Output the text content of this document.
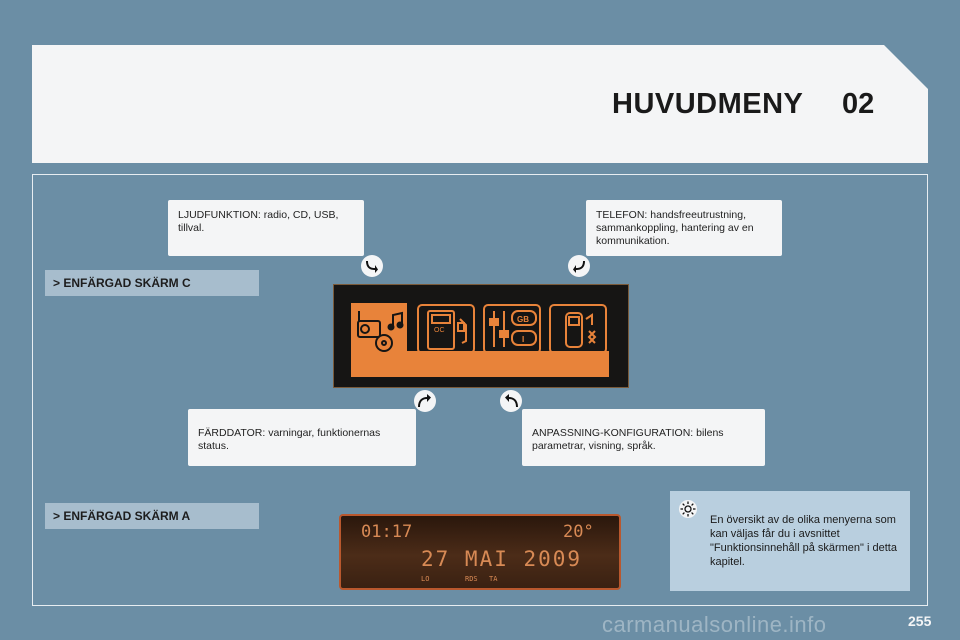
HUVUDMENY 02
> ENFÄRGAD SKÄRM C
> ENFÄRGAD SKÄRM A
LJUDFUNKTION: radio, CD, USB, tillval.
TELEFON: handsfreeutrustning, sammankoppling, hantering av en kommunikation.
FÄRDDATOR: varningar, funktionernas status.
ANPASSNING-KONFIGURATION: bilens parametrar, visning, språk.
OC
GB
I
01:17	20°
27 MAI 2009
LO	RDS TA
En översikt av de olika menyerna som kan väljas får du i avsnittet "Funktionsinnehåll på skärmen" i detta kapitel.
carmanualsonline.info	255
